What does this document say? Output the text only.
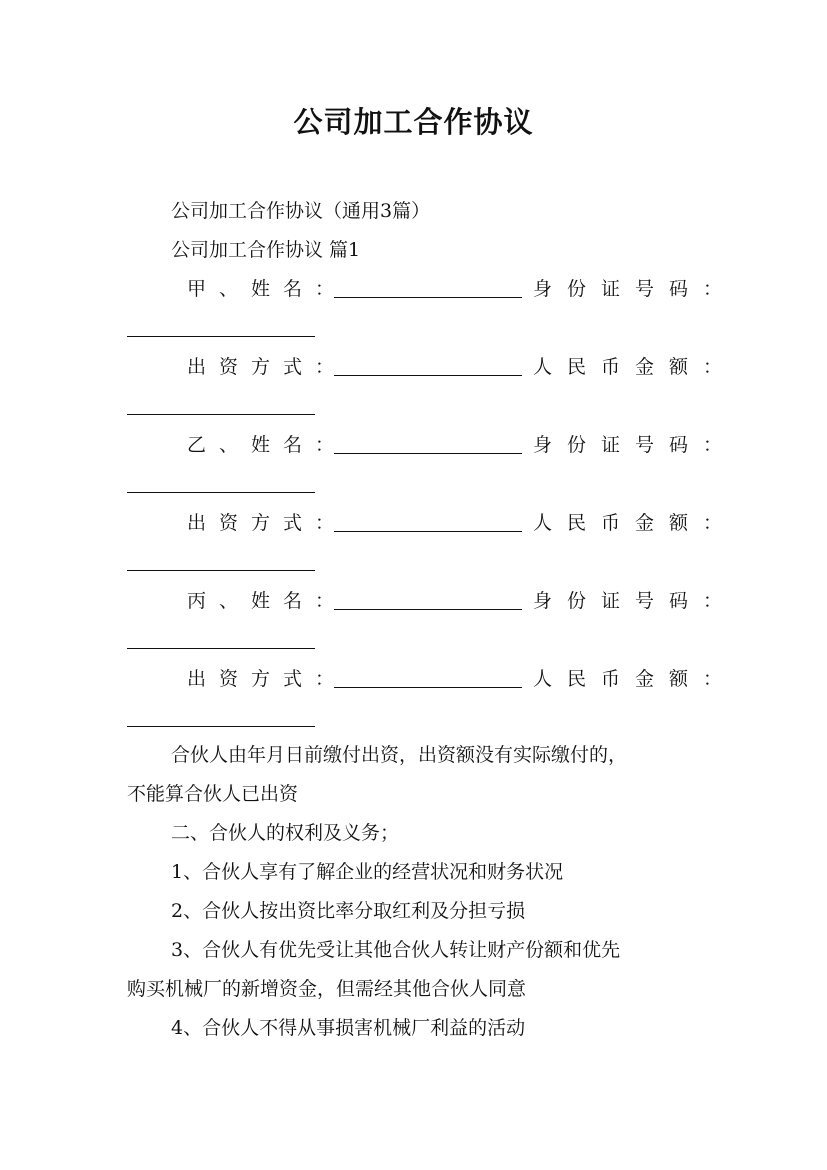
公司加工合作协议
公司加工合作协议（通用3篇）
公司加工合作协议 篇1
甲、姓名：	身份证号码：
出资方式：	人民币金额：
乙、姓名：	身份证号码：
出资方式：	人民币金额：
丙、姓名：	身份证号码：
出资方式：	人民币金额：
合伙人由年月日前缴付出资，出资额没有实际缴付的，
不能算合伙人已出资
二、合伙人的权利及义务；
1、合伙人享有了解企业的经营状况和财务状况
2、合伙人按出资比率分取红利及分担亏损
3、合伙人有优先受让其他合伙人转让财产份额和优先
购买机械厂的新增资金，但需经其他合伙人同意
4、合伙人不得从事损害机械厂利益的活动
